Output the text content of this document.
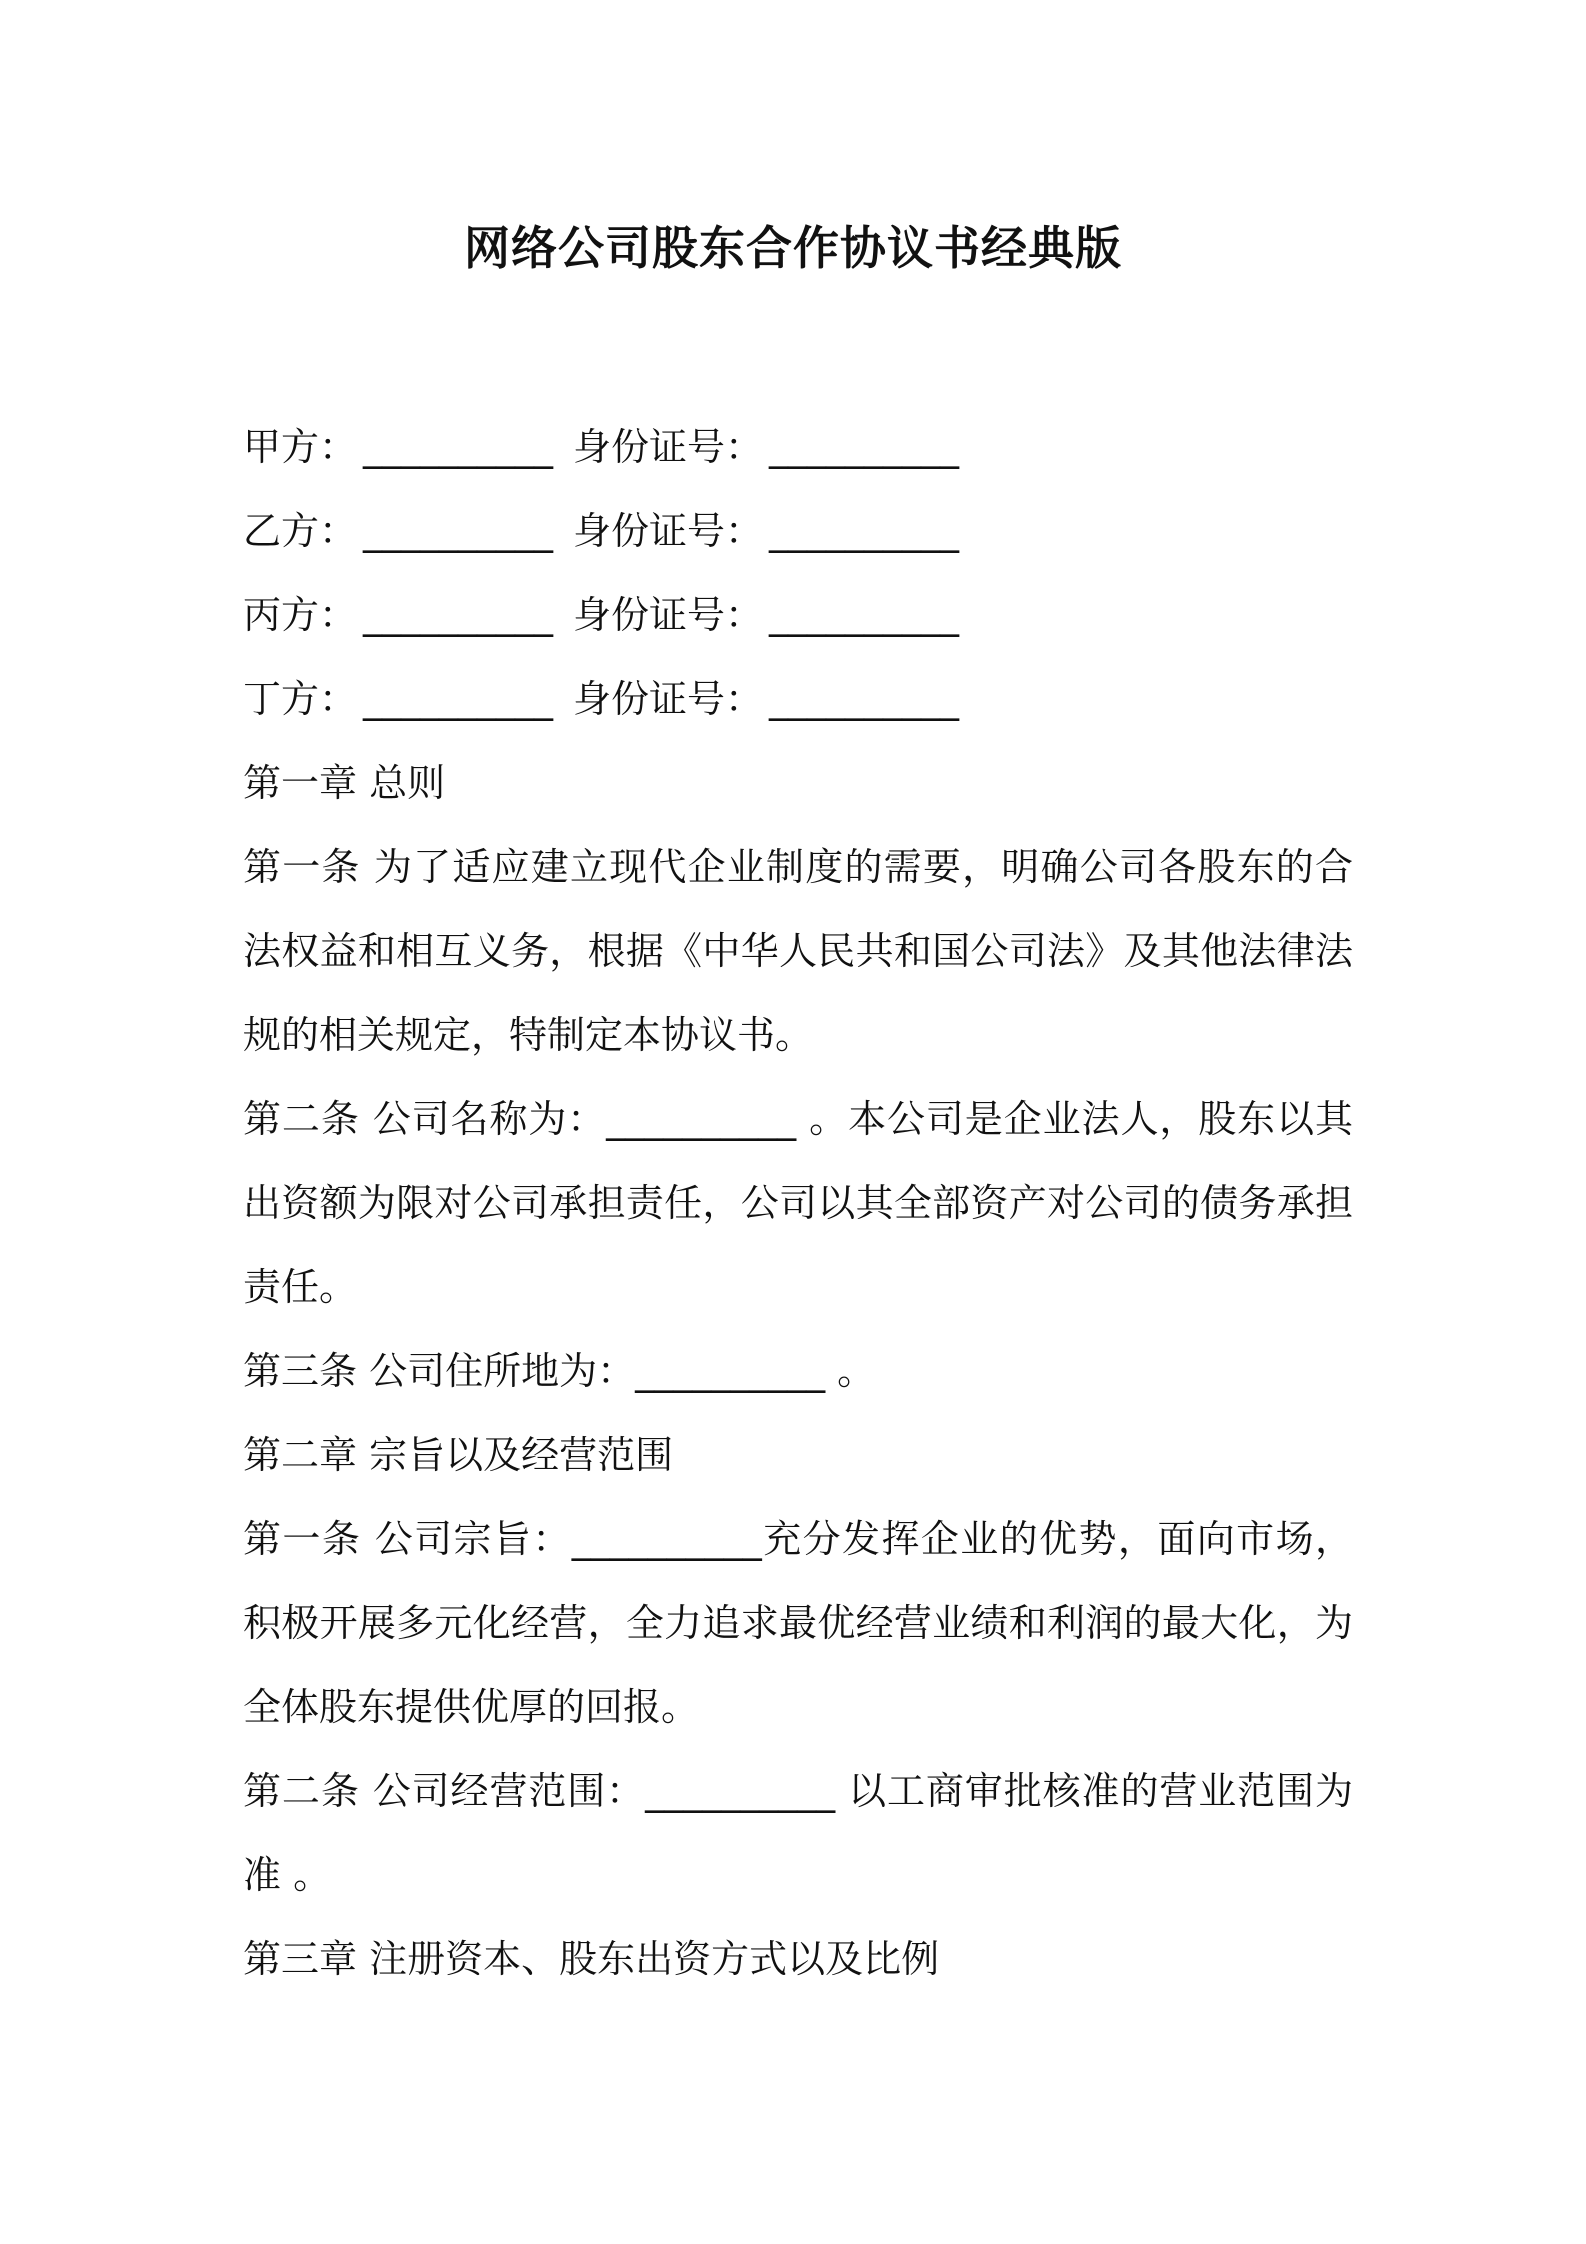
网络公司股东合作协议书经典版
甲方： __________ 身份证号： __________
乙方： __________ 身份证号： __________
丙方： __________ 身份证号： __________
丁方： __________ 身份证号： __________
第一章 总则
第一条 为了适应建立现代企业制度的需要，明确公司各股东的合法权益和相互义务，根据《中华人民共和国公司法》及其他法律法规的相关规定，特制定本协议书。
第二条 公司名称为：__________ 。本公司是企业法人，股东以其出资额为限对公司承担责任，公司以其全部资产对公司的债务承担责任。
第三条 公司住所地为：__________ 。
第二章 宗旨以及经营范围
第一条 公司宗旨：__________充分发挥企业的优势，面向市场，积极开展多元化经营，全力追求最优经营业绩和利润的最大化，为全体股东提供优厚的回报。
第二条 公司经营范围：__________ 以工商审批核准的营业范围为准 。
第三章 注册资本、股东出资方式以及比例
